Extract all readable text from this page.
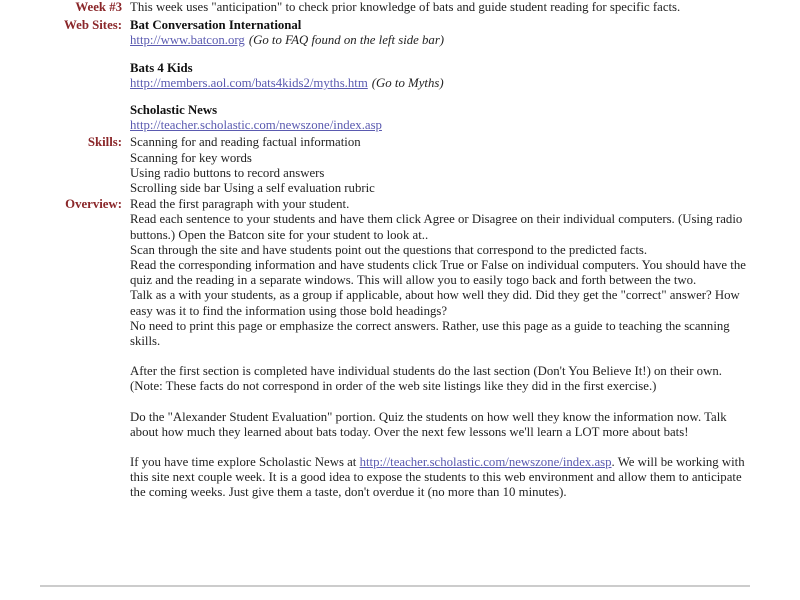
Week #3	This week uses "anticipation" to check prior knowledge of bats and guide student reading for specific facts.

Web Sites:	Bat Conversation International
http://www.batcon.org (Go to FAQ found on the left side bar)
Bats 4 Kids
http://members.aol.com/bats4kids2/myths.htm (Go to Myths)
Scholastic News
http://teacher.scholastic.com/newszone/index.asp

Skills:	Scanning for and reading factual information
Scanning for key words
Using radio buttons to record answers
Scrolling side bar Using a self evaluation rubric

Overview:	Read the first paragraph with your student.
Read each sentence to your students and have them click Agree or Disagree on their individual computers. (Using radio buttons.) Open the Batcon site for your student to look at..
Scan through the site and have students point out the questions that correspond to the predicted facts.
Read the corresponding information and have students click True or False on individual computers. You should have the quiz and the reading in a separate windows. This will allow you to easily togo back and forth between the two.
Talk as a with your students, as a group if applicable, about how well they did. Did they get the "correct" answer? How easy was it to find the information using those bold headings?
No need to print this page or emphasize the correct answers. Rather, use this page as a guide to teaching the scanning skills.
After the first section is completed have individual students do the last section (Don't You Believe It!) on their own. (Note: These facts do not correspond in order of the web site listings like they did in the first exercise.)
Do the "Alexander Student Evaluation" portion. Quiz the students on how well they know the information now. Talk about how much they learned about bats today. Over the next few lessons we'll learn a LOT more about bats!
If you have time explore Scholastic News at http://teacher.scholastic.com/newszone/index.asp. We will be working with this site next couple week. It is a good idea to expose the students to this web environment and allow them to anticipate the coming weeks. Just give them a taste, don't overdue it (no more than 10 minutes).
